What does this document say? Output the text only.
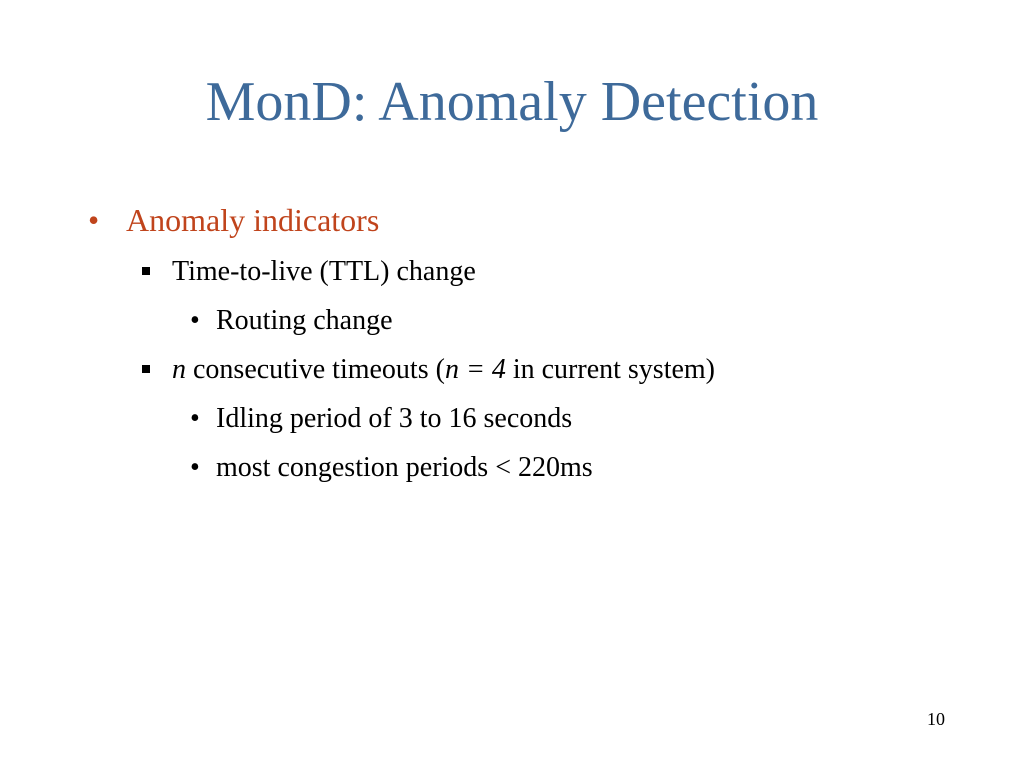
MonD: Anomaly Detection
• Anomaly indicators
Time-to-live (TTL) change
• Routing change
n consecutive timeouts (n = 4 in current system)
• Idling period of 3 to 16 seconds
• most congestion periods < 220ms
10
